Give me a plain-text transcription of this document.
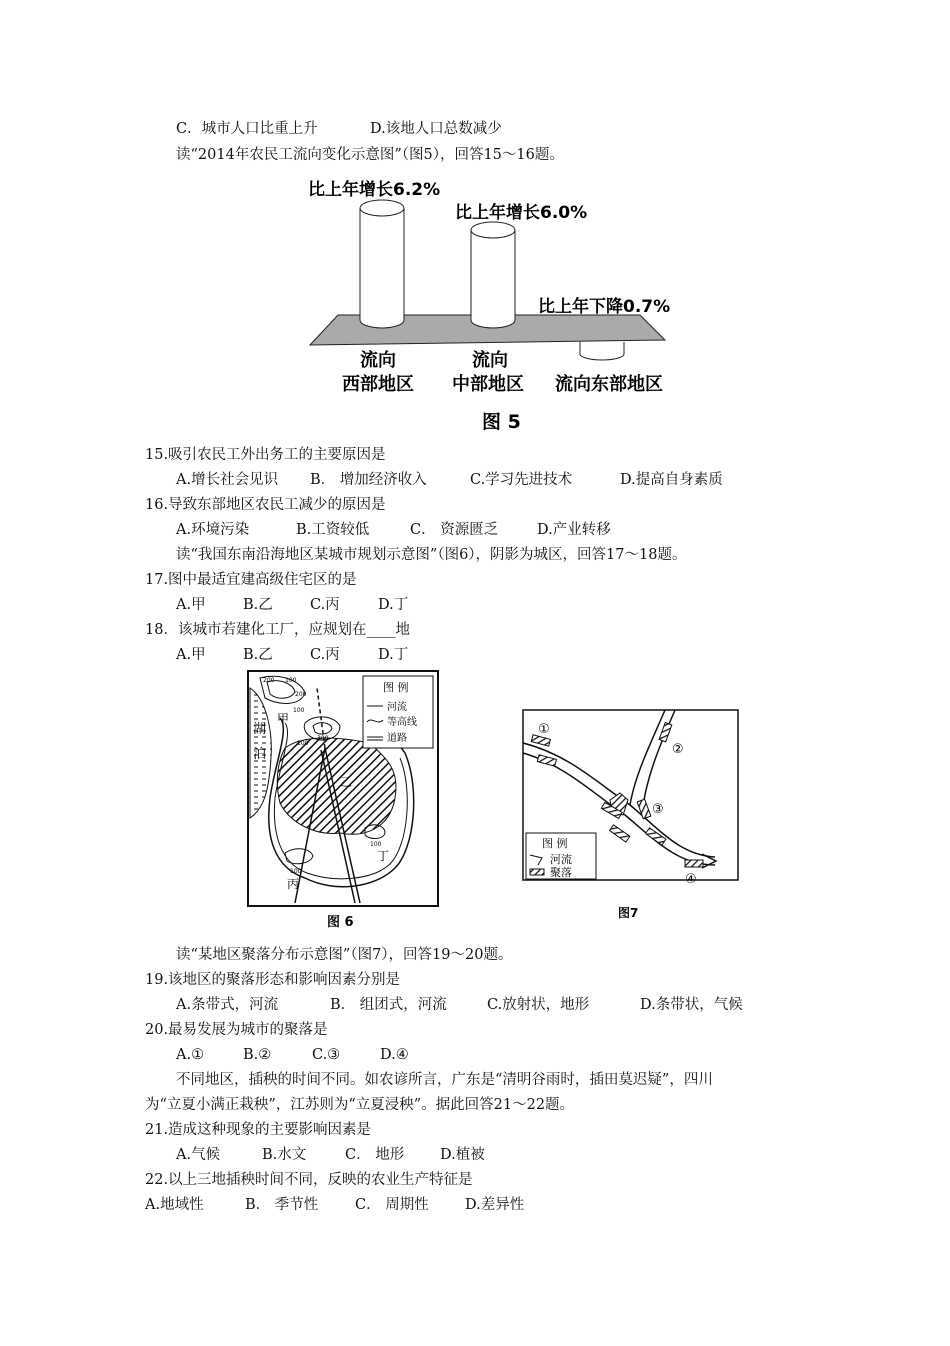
C．城市人口比重上升	D.该地人口总数减少
读“2014年农民工流向变化示意图”（图5），回答15～16题。
比上年增长6.2%
比上年增长6.0%
比上年下降0.7%
流向
西部地区
流向
中部地区 流向东部地区
图 5
15.吸引农民工外出务工的主要原因是
A.增长社会见识 B． 增加经济收入	C.学习先进技术	D.提高自身素质
16.导致东部地区农民工减少的原因是
A.环境污染	B.工资较低	C． 资源匮乏	D.产业转移
读“我国东南沿海地区某城市规划示意图”（图6），阴影为城区，回答17～18题。
17.图中最适宜建高级住宅区的是
A.甲	B.乙	C.丙	D.丁
18．该城市若建化工厂，应规划在____地
A.甲	B.乙	C.丙	D.丁
图 例
河流
等高线
道路
湖
泊
甲
乙
丙
丁
200 100
200
100
300
100
100
100
图 6
图 例
河流
聚落
①
②
③
④
图7
读“某地区聚落分布示意图”（图7），回答19～20题。
19.该地区的聚落形态和影响因素分别是
A.条带式，河流	B． 组团式，河流	C.放射状，地形	D.条带状，气候
20.最易发展为城市的聚落是
A.①	B.②	C.③	D.④
不同地区，插秧的时间不同。如农谚所言，广东是“清明谷雨时，插田莫迟疑”，四川
为“立夏小满正栽秧”，江苏则为“立夏浸秧”。据此回答21～22题。
21.造成这种现象的主要影响因素是
A.气候	B.水文	C． 地形 D.植被
22.以上三地插秧时间不同，反映的农业生产特征是
A.地域性	B． 季节性	C． 周期性	D.差异性
